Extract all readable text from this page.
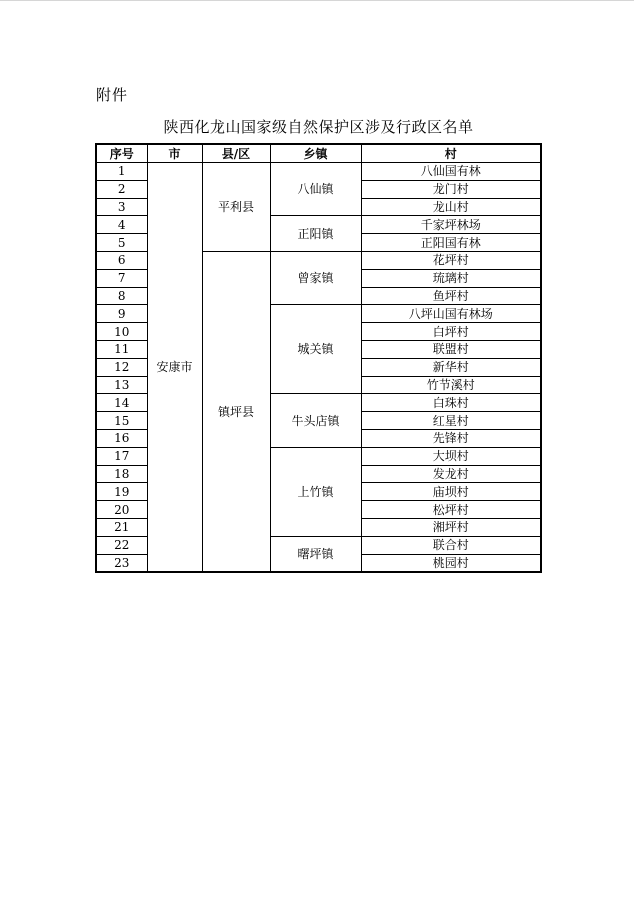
附件
陕西化龙山国家级自然保护区涉及行政区名单
序号	市	县/区	乡镇	村
1	安康市	平利县	八仙镇	八仙国有林
2				龙门村
3				龙山村
4			正阳镇	千家坪林场
5				正阳国有林
6		镇坪县	曾家镇	花坪村
7				琉璃村
8				鱼坪村
9			城关镇	八坪山国有林场
10				白坪村
11				联盟村
12				新华村
13				竹节溪村
14			牛头店镇	白珠村
15				红星村
16				先锋村
17			上竹镇	大坝村
18				发龙村
19				庙坝村
20				松坪村
21				湘坪村
22			曙坪镇	联合村
23				桃园村
